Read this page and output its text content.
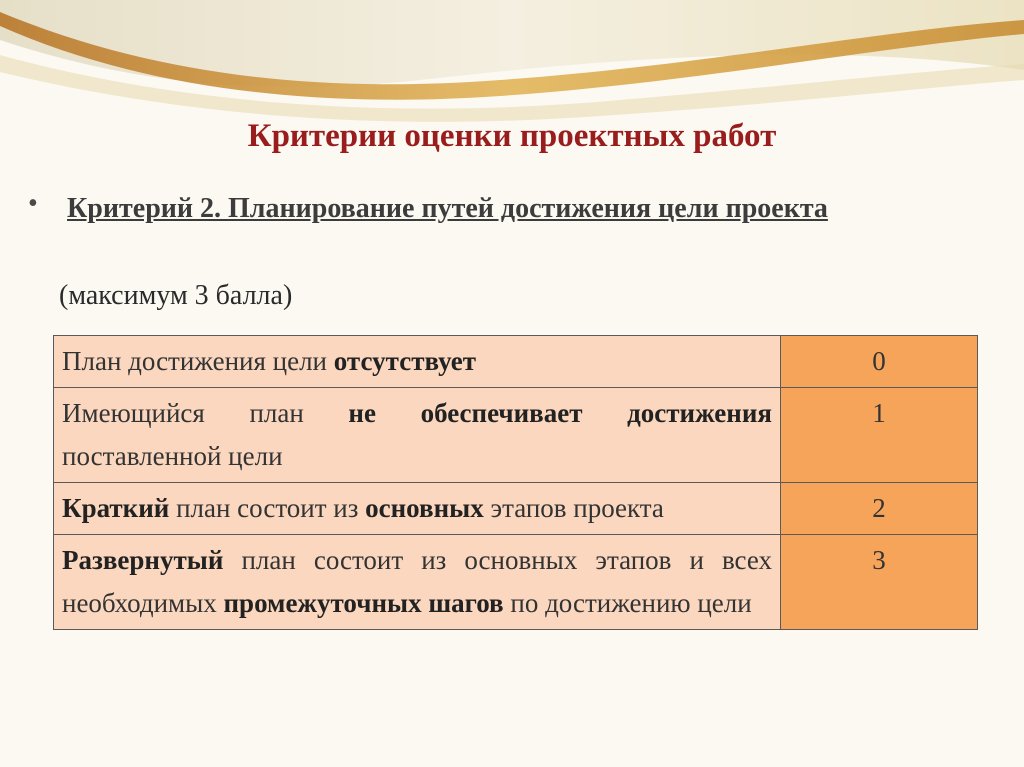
Критерии оценки проектных работ
• Критерий 2. Планирование путей достижения цели проекта
(максимум 3 балла)
План достижения цели отсутствует	0
Имеющийся план не обеспечивает достижения поставленной цели	1
Краткий план состоит из основных этапов проекта	2
Развернутый план состоит из основных этапов и всех необходимых промежуточных шагов по достижению цели	3
